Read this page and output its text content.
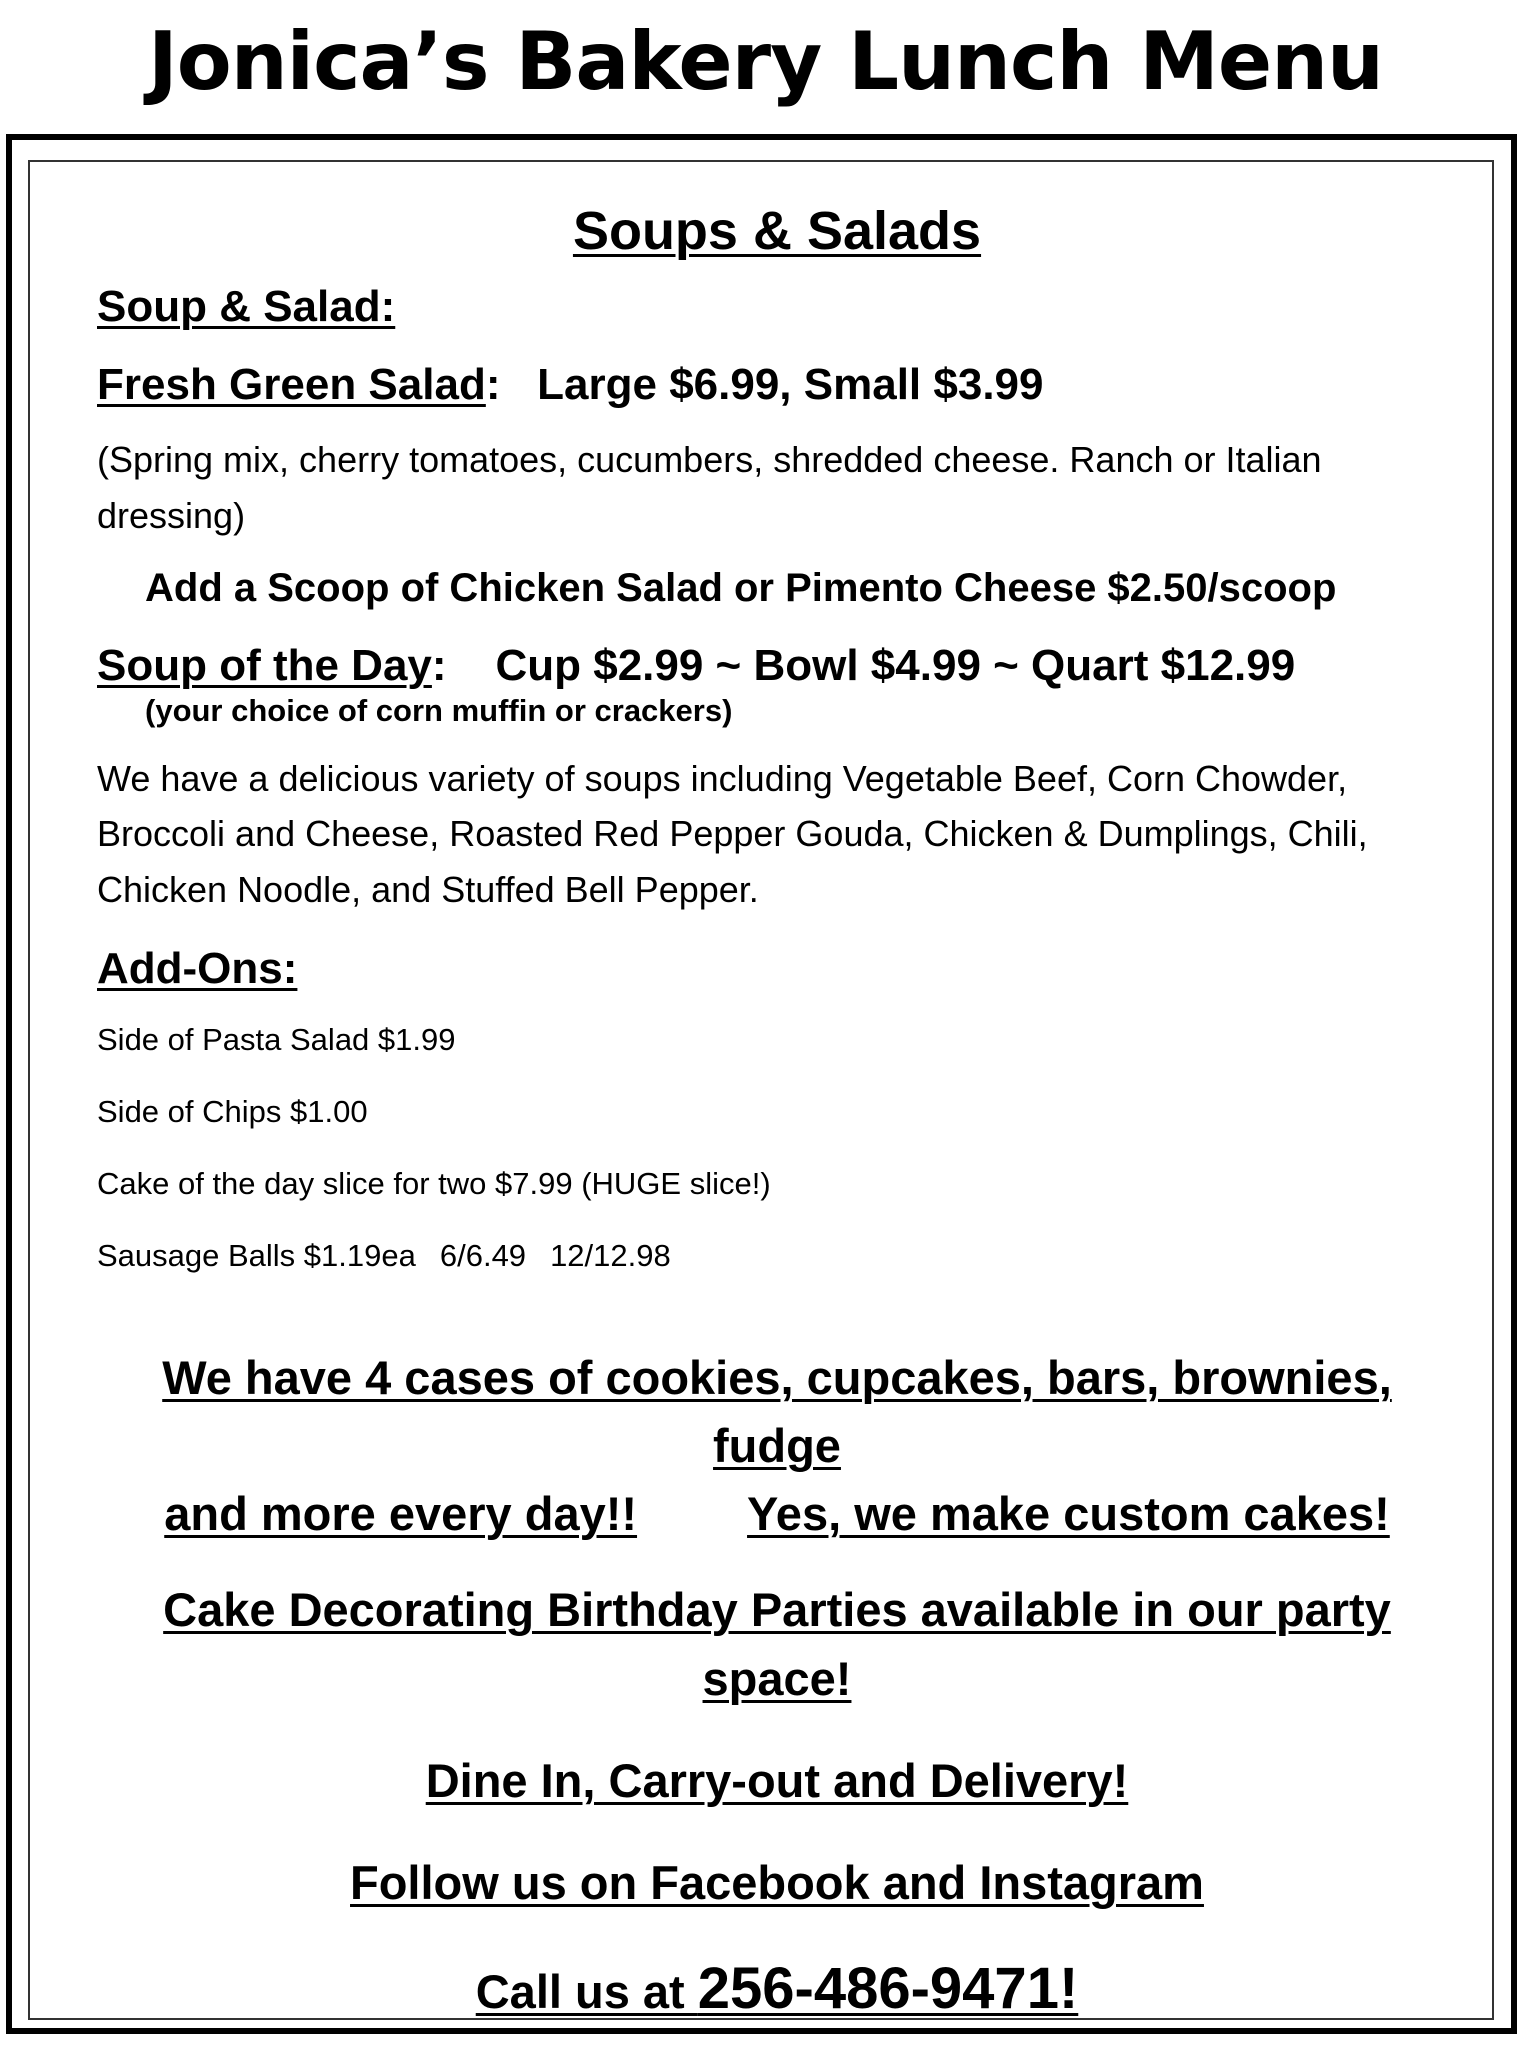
Jonica’s Bakery Lunch Menu
Soups & Salads
Soup & Salad:
Fresh Green Salad:   Large $6.99, Small $3.99
(Spring mix, cherry tomatoes, cucumbers, shredded cheese. Ranch or Italian dressing)
Add a Scoop of Chicken Salad or Pimento Cheese $2.50/scoop
Soup of the Day:    Cup $2.99 ~ Bowl $4.99 ~ Quart $12.99
(your choice of corn muffin or crackers)
We have a delicious variety of soups including Vegetable Beef, Corn Chowder, Broccoli and Cheese, Roasted Red Pepper Gouda, Chicken & Dumplings, Chili, Chicken Noodle, and Stuffed Bell Pepper.
Add-Ons:
Side of Pasta Salad $1.99
Side of Chips $1.00
Cake of the day slice for two $7.99 (HUGE slice!)
Sausage Balls $1.19ea 6/6.49 12/12.98
We have 4 cases of cookies, cupcakes, bars, brownies, fudge
and more every day!! Yes, we make custom cakes!
Cake Decorating Birthday Parties available in our party space!
Dine In, Carry-out and Delivery!
Follow us on Facebook and Instagram
Call us at 256-486-9471!
